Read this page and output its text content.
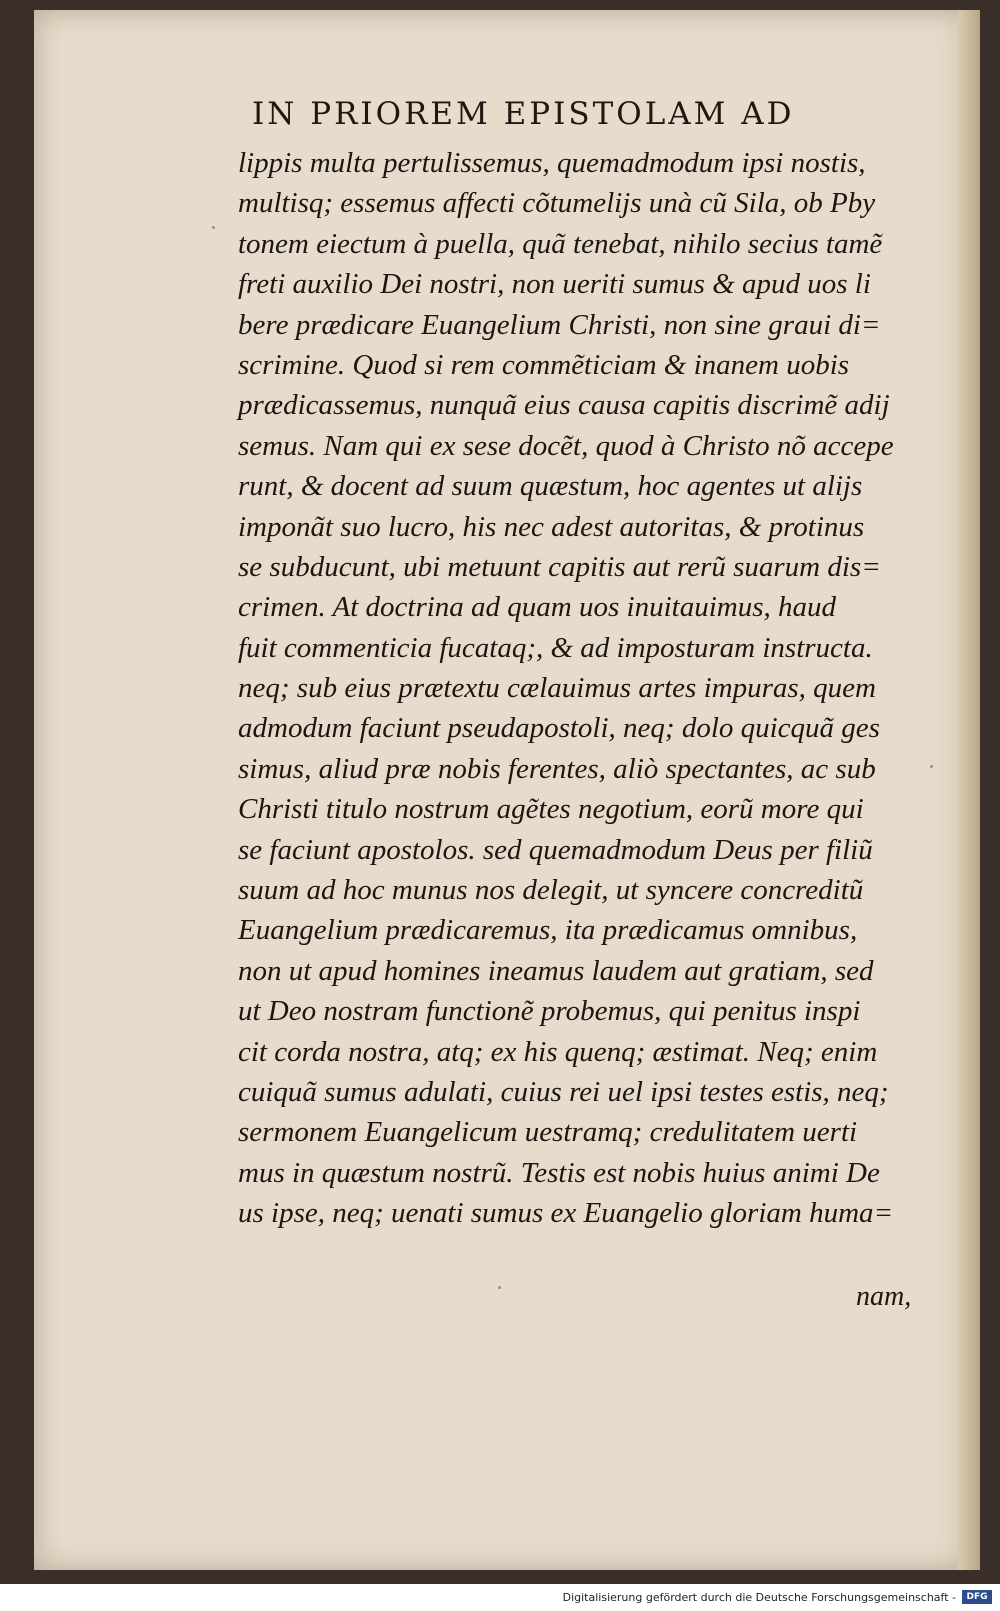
IN PRIOREM EPISTOLAM AD
lippis multa pertulissemus, quemadmodum ipsi nostis,
multisq; essemus affecti cõtumelijs unà cũ Sila, ob Pby
tonem eiectum à puella, quã tenebat, nihilo secius tamẽ
freti auxilio Dei nostri, non ueriti sumus & apud uos li
bere prædicare Euangelium Christi, non sine graui di=
scrimine. Quod si rem commẽticiam & inanem uobis
prædicassemus, nunquã eius causa capitis discrimẽ adij
semus. Nam qui ex sese docẽt, quod à Christo nõ accepe
runt, & docent ad suum quæstum, hoc agentes ut alijs
imponãt suo lucro, his nec adest autoritas, & protinus
se subducunt, ubi metuunt capitis aut rerũ suarum dis=
crimen. At doctrina ad quam uos inuitauimus, haud
fuit commenticia fucataq;, & ad imposturam instructa.
neq; sub eius prætextu cælauimus artes impuras, quem
admodum faciunt pseudapostoli, neq; dolo quicquã ges
simus, aliud præ nobis ferentes, aliò spectantes, ac sub
Christi titulo nostrum agẽtes negotium, eorũ more qui
se faciunt apostolos. sed quemadmodum Deus per filiũ
suum ad hoc munus nos delegit, ut syncere concreditũ
Euangelium prædicaremus, ita prædicamus omnibus,
non ut apud homines ineamus laudem aut gratiam, sed
ut Deo nostram functionẽ probemus, qui penitus inspi
cit corda nostra, atq; ex his quenq; æstimat. Neq; enim
cuiquã sumus adulati, cuius rei uel ipsi testes estis, neq;
sermonem Euangelicum uestramq; credulitatem uerti
mus in quæstum nostrũ. Testis est nobis huius animi De
us ipse, neq; uenati sumus ex Euangelio gloriam huma=
nam,
Digitalisierung gefördert durch die Deutsche Forschungsgemeinschaft -	DFG
